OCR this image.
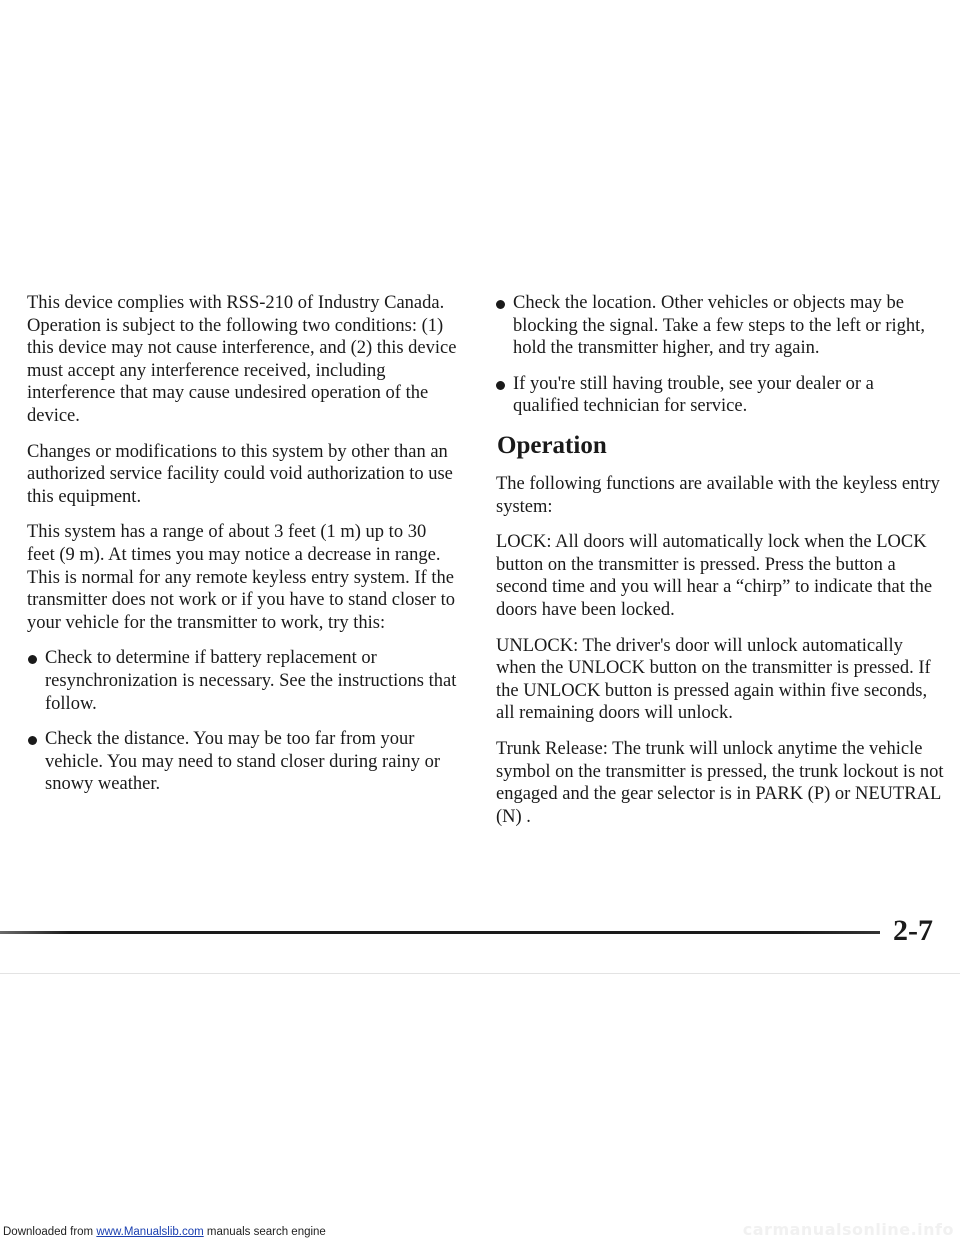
This device complies with RSS-210 of Industry Canada. Operation is subject to the following two conditions: (1) this device may not cause interference, and (2) this device must accept any interference received, including interference that may cause undesired operation of the device.

Changes or modifications to this system by other than an authorized service facility could void authorization to use this equipment.

This system has a range of about 3 feet (1 m) up to 30 feet (9 m). At times you may notice a decrease in range. This is normal for any remote keyless entry system. If the transmitter does not work or if you have to stand closer to your vehicle for the transmitter to work, try this:

Check to determine if battery replacement or resynchronization is necessary. See the instructions that follow.
Check the distance. You may be too far from your vehicle. You may need to stand closer during rainy or snowy weather.
Check the location. Other vehicles or objects may be blocking the signal. Take a few steps to the left or right, hold the transmitter higher, and try again.
If you're still having trouble, see your dealer or a qualified technician for service.
Operation

The following functions are available with the keyless entry system:

LOCK: All doors will automatically lock when the LOCK button on the transmitter is pressed. Press the button a second time and you will hear a “chirp” to indicate that the doors have been locked.

UNLOCK: The driver's door will unlock automatically when the UNLOCK button on the transmitter is pressed. If the UNLOCK button is pressed again within five seconds, all remaining doors will unlock.

Trunk Release: The trunk will unlock anytime the vehicle symbol on the transmitter is pressed, the trunk lockout is not engaged and the gear selector is in PARK (P) or NEUTRAL (N) .

2-7
Downloaded from www.Manualslib.com manuals search engine	carmanualsonline.info
